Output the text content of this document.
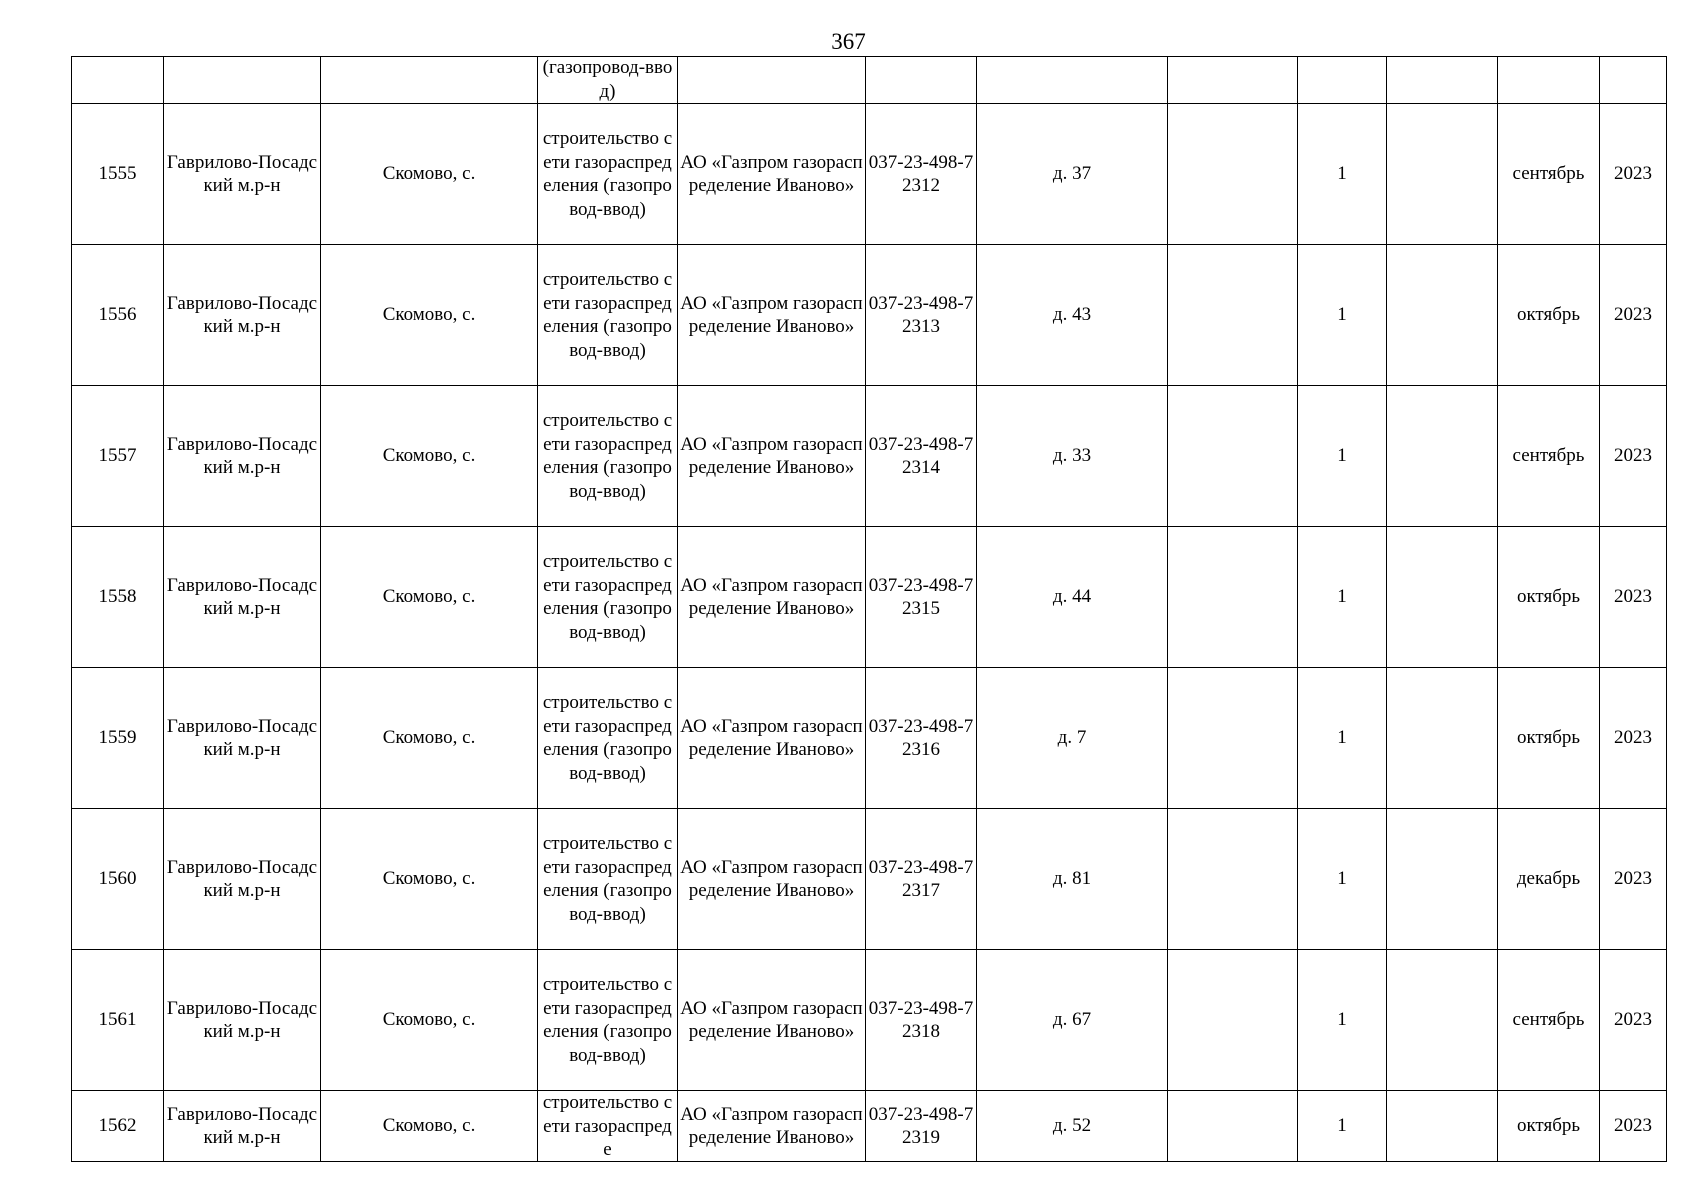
367

			(газопровод-ввод)								

1555	Гаврилово-Посадский м.р-н	Скомово, с.	строительство сети газораспределения (газопровод-ввод)	АО «Газпром газораспределение Иваново»	037-23-498-72312	д. 37		1		сентябрь	2023

1556	Гаврилово-Посадский м.р-н	Скомово, с.	строительство сети газораспределения (газопровод-ввод)	АО «Газпром газораспределение Иваново»	037-23-498-72313	д. 43		1		октябрь	2023

1557	Гаврилово-Посадский м.р-н	Скомово, с.	строительство сети газораспределения (газопровод-ввод)	АО «Газпром газораспределение Иваново»	037-23-498-72314	д. 33		1		сентябрь	2023

1558	Гаврилово-Посадский м.р-н	Скомово, с.	строительство сети газораспределения (газопровод-ввод)	АО «Газпром газораспределение Иваново»	037-23-498-72315	д. 44		1		октябрь	2023

1559	Гаврилово-Посадский м.р-н	Скомово, с.	строительство сети газораспределения (газопровод-ввод)	АО «Газпром газораспределение Иваново»	037-23-498-72316	д. 7		1		октябрь	2023

1560	Гаврилово-Посадский м.р-н	Скомово, с.	строительство сети газораспределения (газопровод-ввод)	АО «Газпром газораспределение Иваново»	037-23-498-72317	д. 81		1		декабрь	2023

1561	Гаврилово-Посадский м.р-н	Скомово, с.	строительство сети газораспределения (газопровод-ввод)	АО «Газпром газораспределение Иваново»	037-23-498-72318	д. 67		1		сентябрь	2023

1562	Гаврилово-Посадский м.р-н	Скомово, с.	строительство сети газораспреде	АО «Газпром газораспределение Иваново»	037-23-498-72319	д. 52		1		октябрь	2023
